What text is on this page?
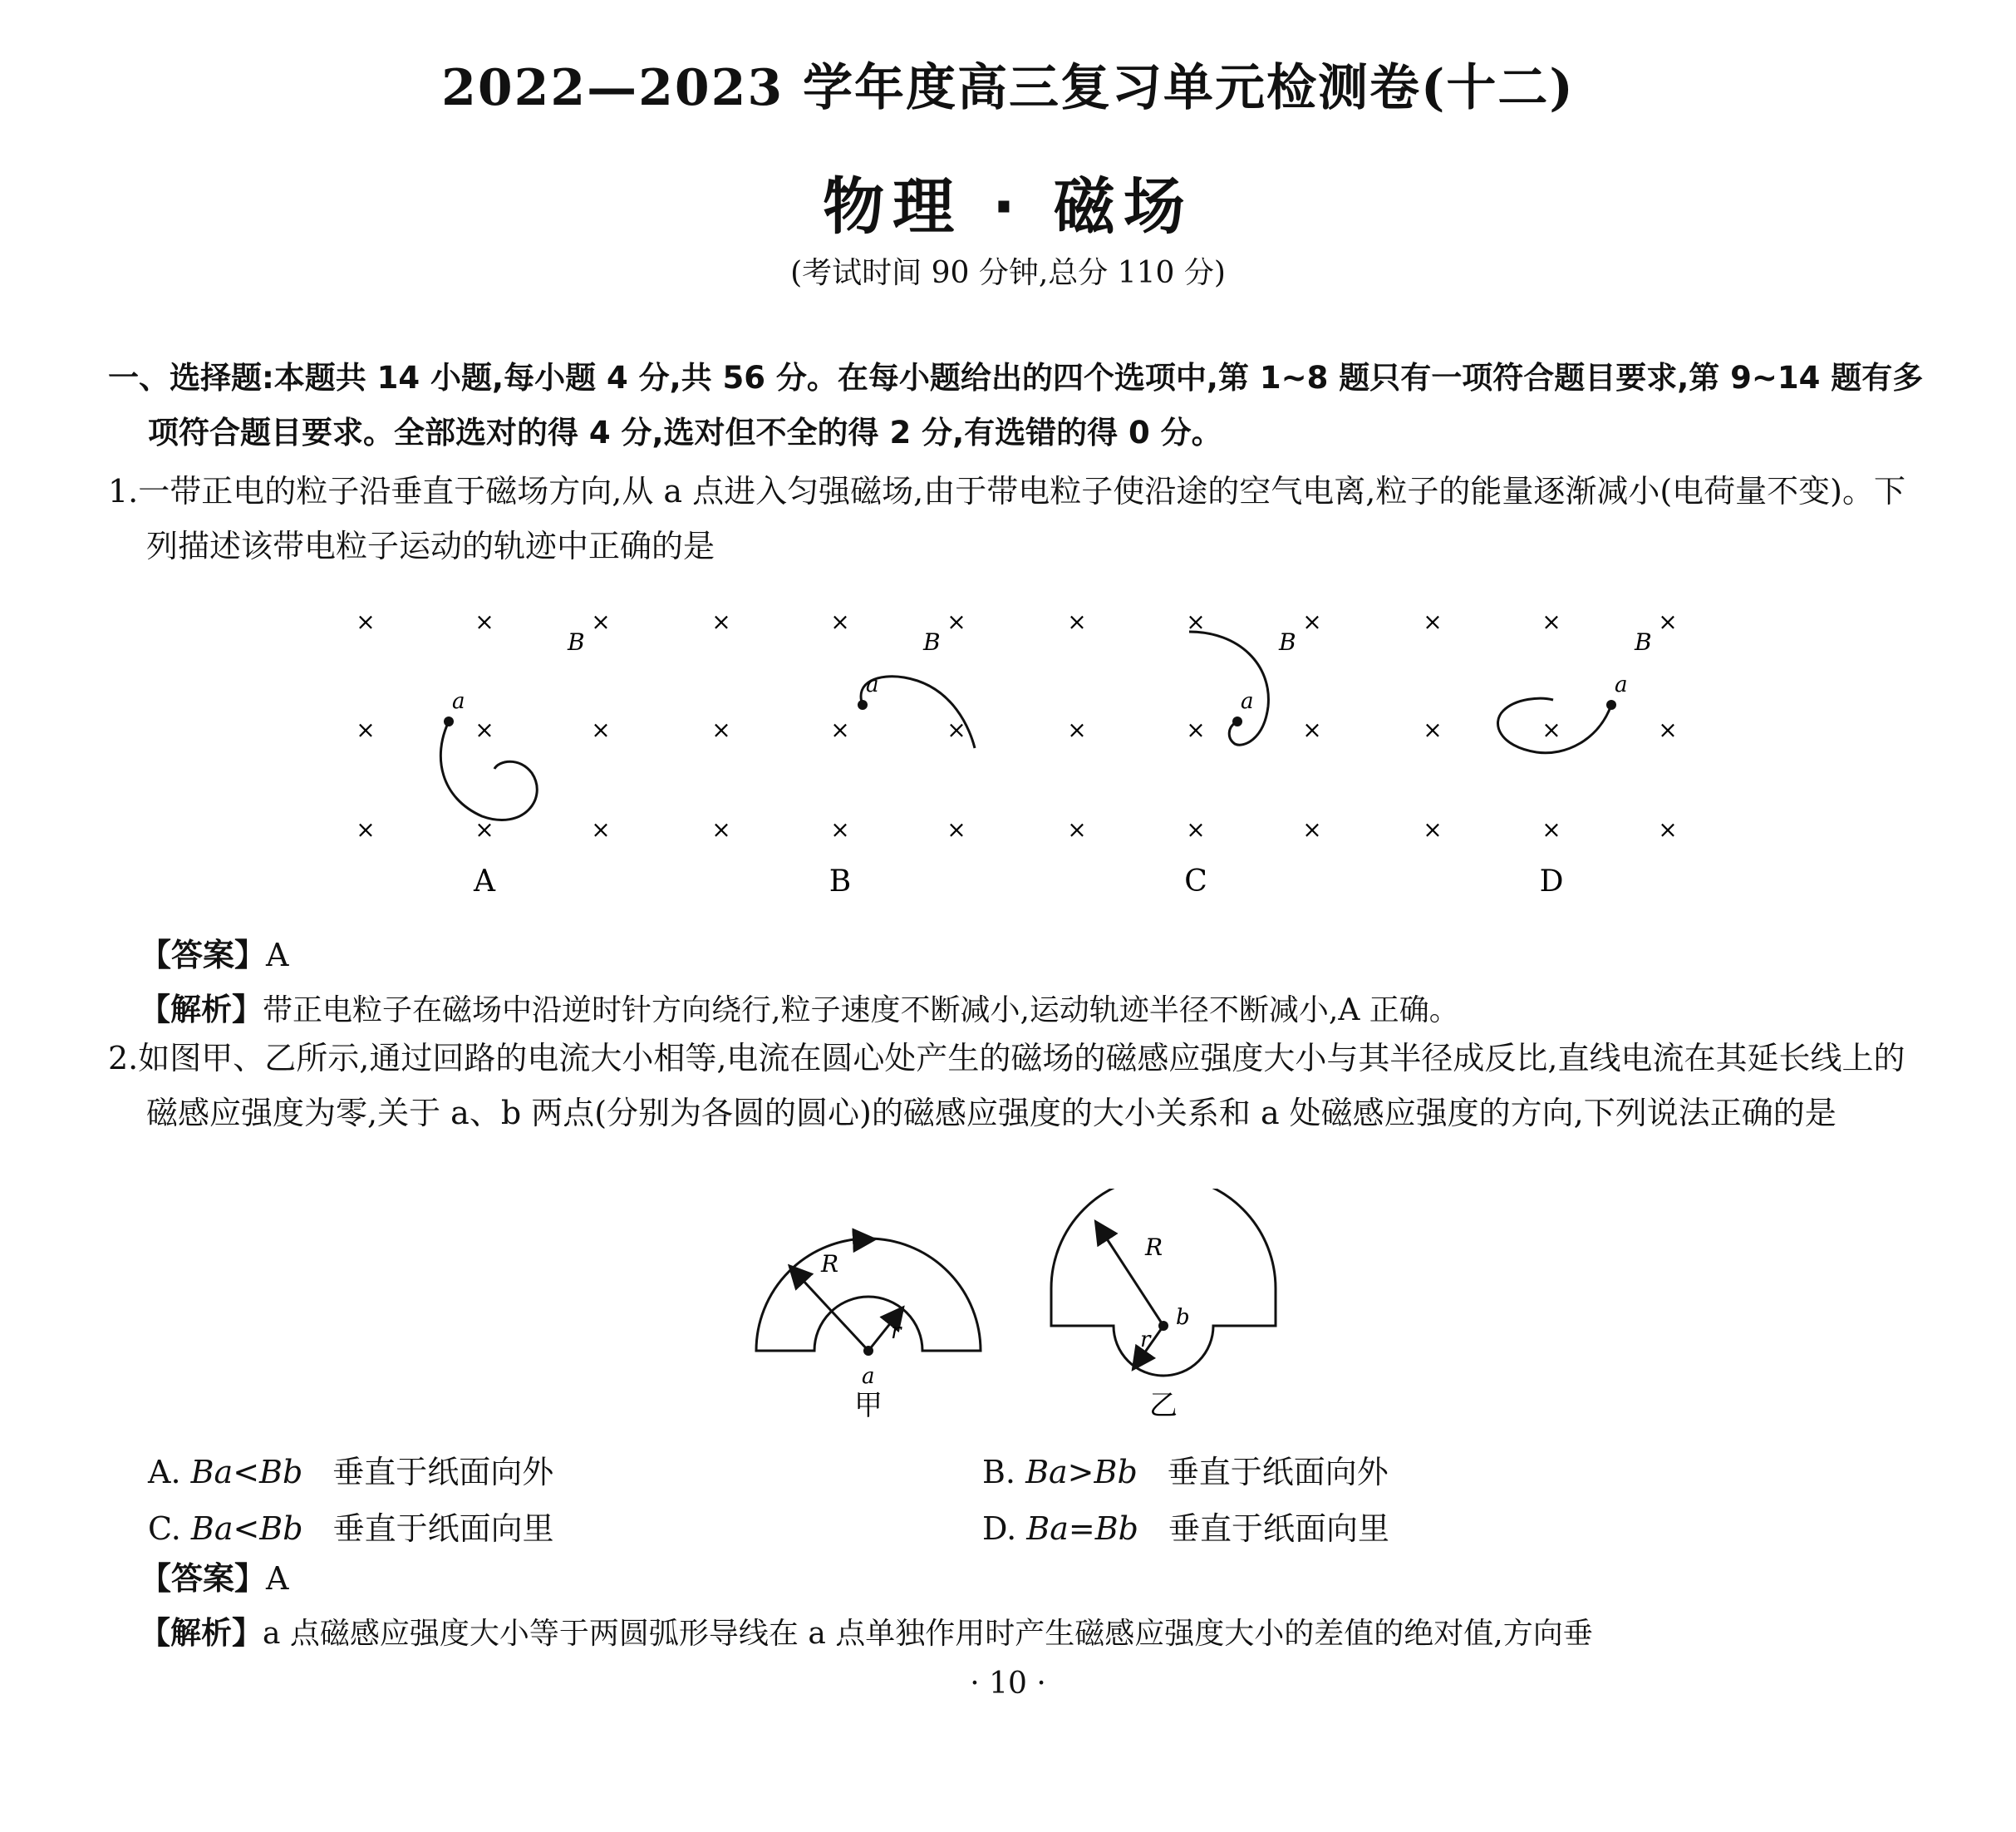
2022—2023 学年度高三复习单元检测卷(十二)
物理 · 磁场
(考试时间 90 分钟,总分 110 分)
一、选择题:本题共 14 小题,每小题 4 分,共 56 分。在每小题给出的四个选项中,第 1~8 题只有一项符合题目要求,第 9~14 题有多项符合题目要求。全部选对的得 4 分,选对但不全的得 2 分,有选错的得 0 分。
1.一带正电的粒子沿垂直于磁场方向,从 a 点进入匀强磁场,由于带电粒子使沿途的空气电离,粒子的能量逐渐减小(电荷量不变)。下列描述该带电粒子运动的轨迹中正确的是
×	×	×
×	×	×
×	×	×
B
a
A
×	×	×
×	×	×
×	×	×
B
a
B
×	×	×
×	×	×
×	×	×
B
a
C
×	×	×
×	×	×
×	×	×
B
a
D
【答案】A
【解析】带正电粒子在磁场中沿逆时针方向绕行,粒子速度不断减小,运动轨迹半径不断减小,A 正确。
2.如图甲、乙所示,通过回路的电流大小相等,电流在圆心处产生的磁场的磁感应强度大小与其半径成反比,直线电流在其延长线上的磁感应强度为零,关于 a、b 两点(分别为各圆的圆心)的磁感应强度的大小关系和 a 处磁感应强度的方向,下列说法正确的是
R
r
a
甲
R
r
b
乙
A. Ba<Bb 垂直于纸面向外	B. Ba>Bb 垂直于纸面向外
C. Ba<Bb 垂直于纸面向里	D. Ba=Bb 垂直于纸面向里
【答案】A
【解析】a 点磁感应强度大小等于两圆弧形导线在 a 点单独作用时产生磁感应强度大小的差值的绝对值,方向垂
· 10 ·
